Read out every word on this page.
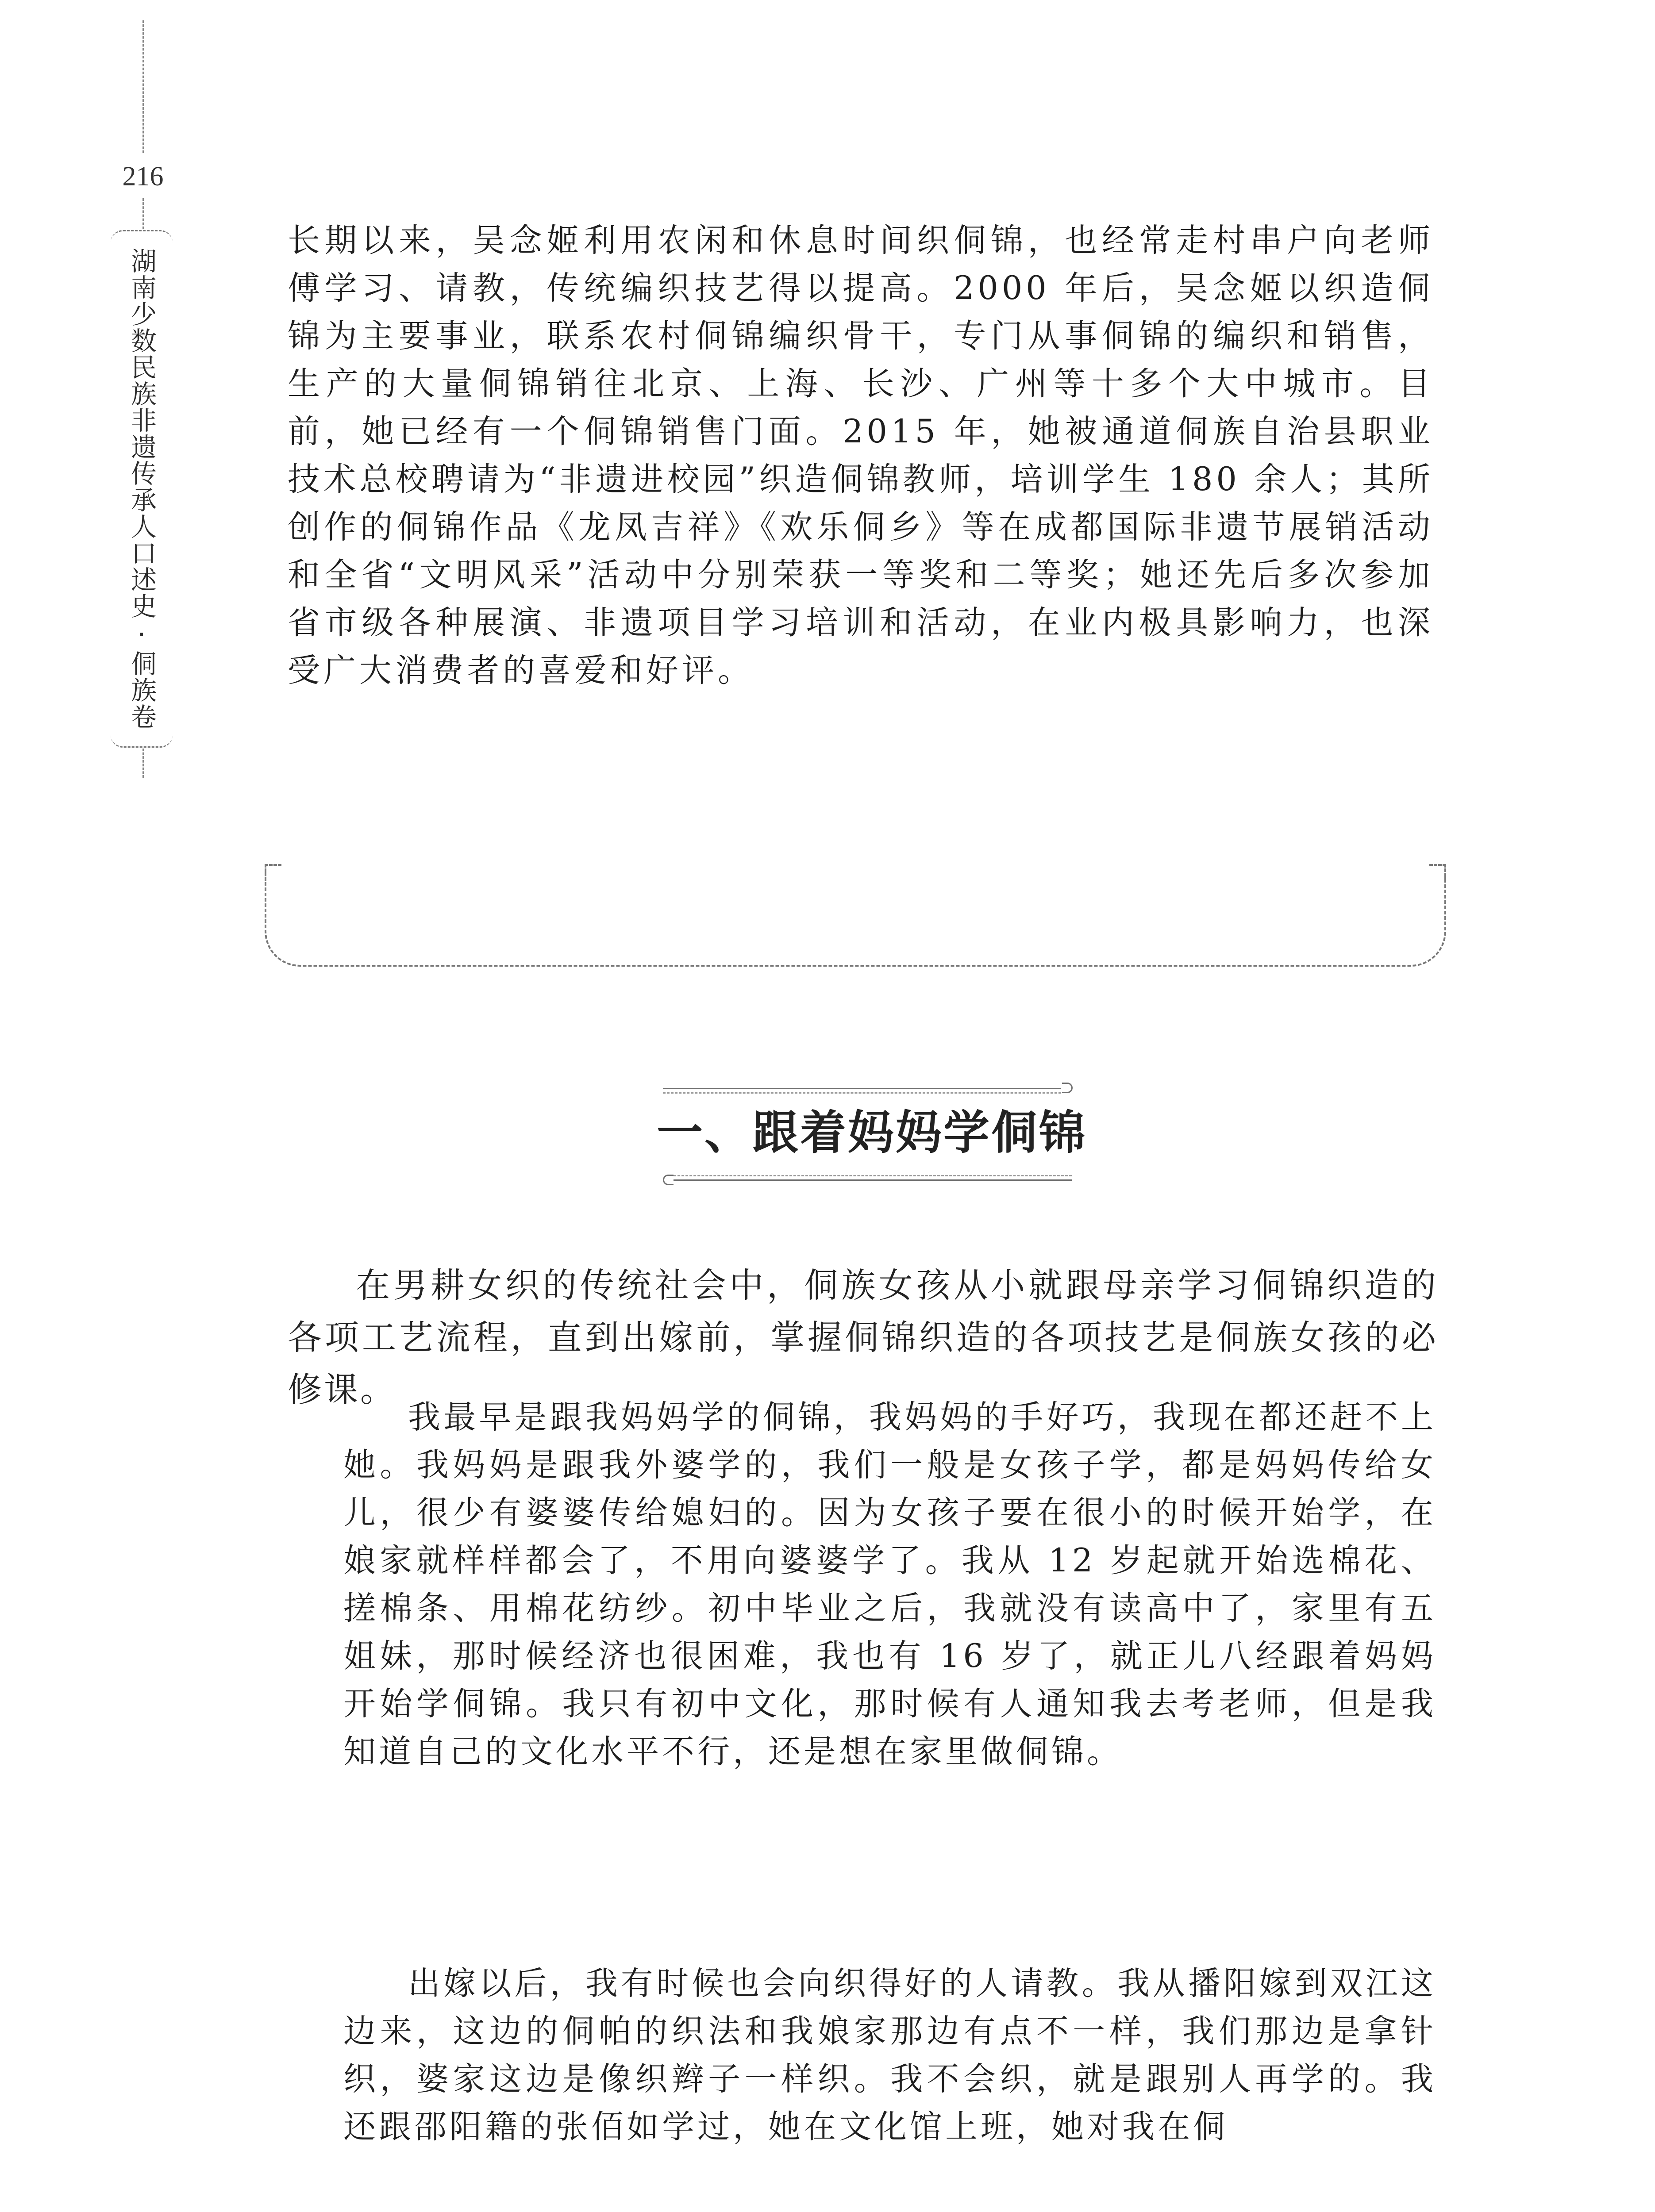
216
湖南少数民族非遗传承人口述史·侗族卷
长期以来，吴念姬利用农闲和休息时间织侗锦，也经常走村串户向老师傅学习、请教，传统编织技艺得以提高。2000 年后，吴念姬以织造侗锦为主要事业，联系农村侗锦编织骨干，专门从事侗锦的编织和销售，生产的大量侗锦销往北京、上海、长沙、广州等十多个大中城市。目前，她已经有一个侗锦销售门面。2015 年，她被通道侗族自治县职业技术总校聘请为“非遗进校园”织造侗锦教师，培训学生 180 余人；其所创作的侗锦作品《龙凤吉祥》《欢乐侗乡》等在成都国际非遗节展销活动和全省“文明风采”活动中分别荣获一等奖和二等奖；她还先后多次参加省市级各种展演、非遗项目学习培训和活动，在业内极具影响力，也深受广大消费者的喜爱和好评。
一、跟着妈妈学侗锦
在男耕女织的传统社会中，侗族女孩从小就跟母亲学习侗锦织造的各项工艺流程，直到出嫁前，掌握侗锦织造的各项技艺是侗族女孩的必修课。
我最早是跟我妈妈学的侗锦，我妈妈的手好巧，我现在都还赶不上她。我妈妈是跟我外婆学的，我们一般是女孩子学，都是妈妈传给女儿，很少有婆婆传给媳妇的。因为女孩子要在很小的时候开始学，在娘家就样样都会了，不用向婆婆学了。我从 12 岁起就开始选棉花、搓棉条、用棉花纺纱。初中毕业之后，我就没有读高中了，家里有五姐妹，那时候经济也很困难，我也有 16 岁了，就正儿八经跟着妈妈开始学侗锦。我只有初中文化，那时候有人通知我去考老师，但是我知道自己的文化水平不行，还是想在家里做侗锦。
出嫁以后，我有时候也会向织得好的人请教。我从播阳嫁到双江这边来，这边的侗帕的织法和我娘家那边有点不一样，我们那边是拿针织，婆家这边是像织辫子一样织。我不会织，就是跟别人再学的。我还跟邵阳籍的张佰如学过，她在文化馆上班，她对我在侗
